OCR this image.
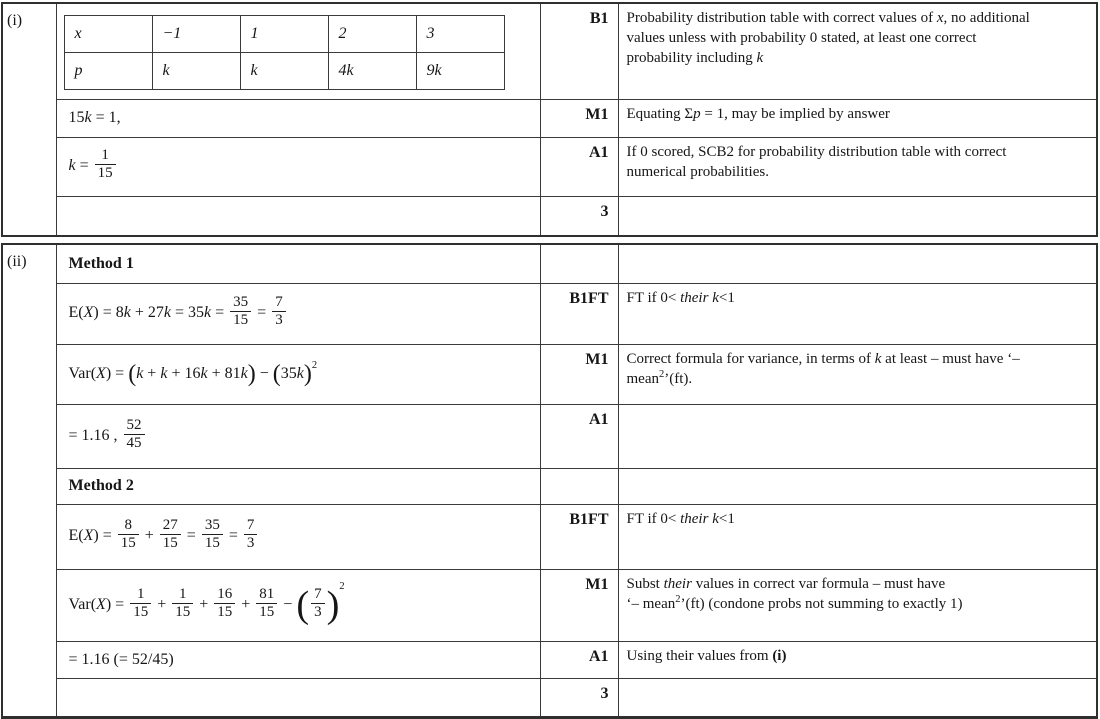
(i)	
x	−1	1	2	3
p	k	k	4k	9k
	B1	Probability distribution table with correct values of x, no additional
values unless with probability 0 stated, at least one correct
probability including k
15k = 1,	M1	Equating Σp = 1, may be implied by answer
$k = \frac{1}{15}$	A1	If 0 scored, SCB2 for probability distribution table with correct
numerical probabilities.
	3	
(ii)	Method 1		
$E(X) = 8k + 27k = 35k = \frac{35}{15} = \frac{7}{3}$	B1FT	FT if 0< their k<1
	$Var(X) = (k + k + 16k + 81k) - (35k)^2$	M1	Correct formula for variance, in terms of k at least – must have ‘–
mean$^2$’(ft).
	= 1.16 , $\frac{52}{45}$	A1	
	Method 2		
$E(X) = \frac{8}{15} + \frac{27}{15} = \frac{35}{15} = \frac{7}{3}$	B1FT	FT if 0< their k<1
$Var(X) = \frac{1}{15} + \frac{1}{15} + \frac{16}{15} + \frac{81}{15}$ − ( $\frac{7}{3} )^2$	M1	Subst their values in correct var formula – must have
‘– mean$^2$’(ft) (condone probs not summing to exactly 1)
	= 1.16 (= 52/45)	A1	Using their values from (i)
		3	
